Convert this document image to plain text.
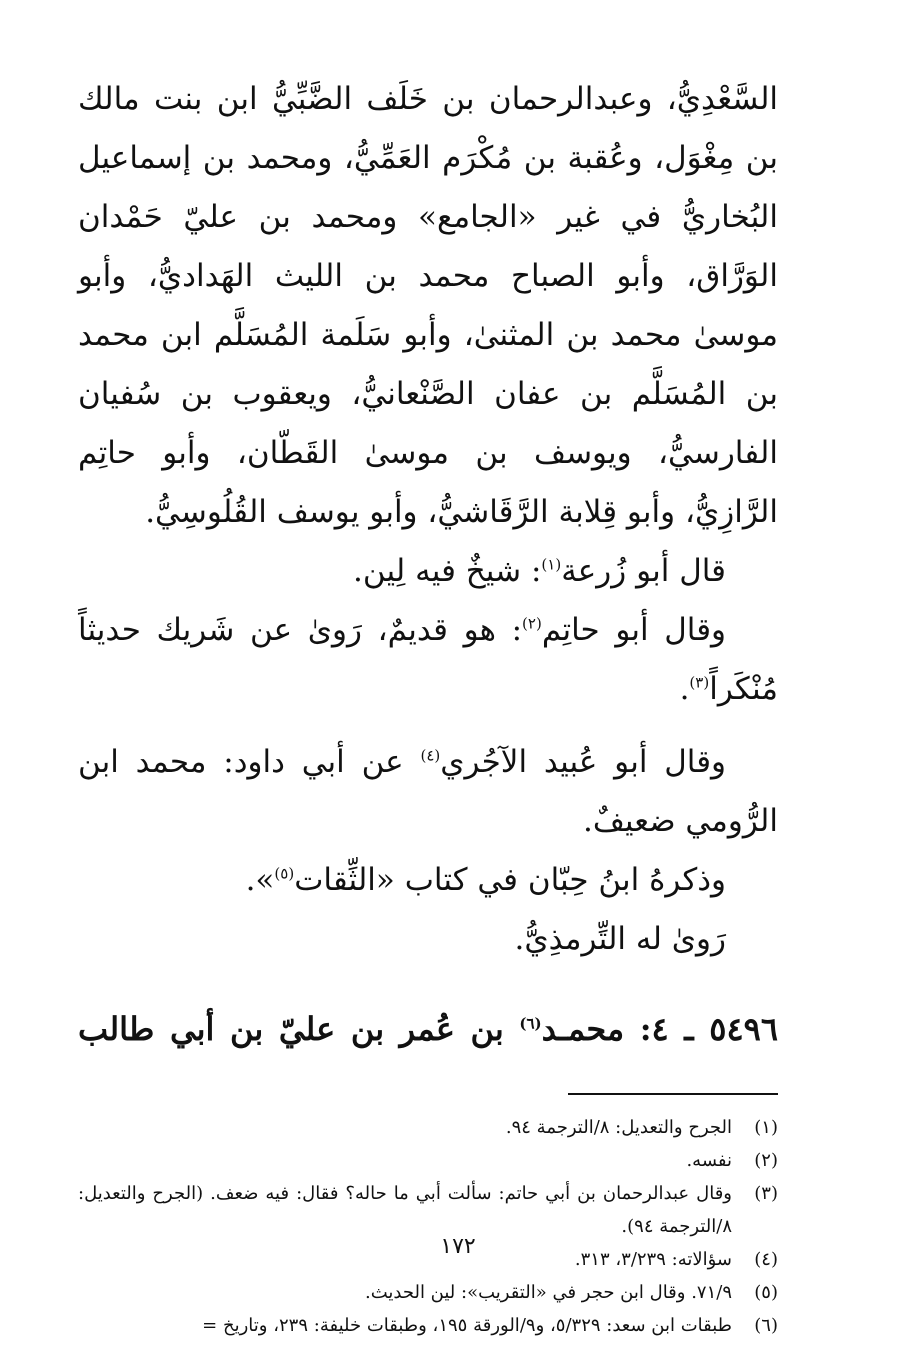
السَّعْدِيُّ، وعبدالرحمان بن خَلَف الضَّبِّيُّ ابن بنت مالك بن مِغْوَل، وعُقبة بن مُكْرَم العَمِّيُّ، ومحمد بن إسماعيل البُخاريُّ في غير «الجامع» ومحمد بن عليّ حَمْدان الوَرَّاق، وأبو الصباح محمد بن الليث الهَداديُّ، وأبو موسىٰ محمد بن المثنىٰ، وأبو سَلَمة المُسَلَّم ابن محمد بن المُسَلَّم بن عفان الصَّنْعانيُّ، ويعقوب بن سُفيان الفارسيُّ، ويوسف بن موسىٰ القَطّان، وأبو حاتِم الرَّازِيُّ، وأبو قِلابة الرَّقَاشيُّ، وأبو يوسف القُلُوسِيُّ.

قال أبو زُرعة$^{(١)}$: شيخٌ فيه لِين.

وقال أبو حاتِم$^{(٢)}$: هو قديمٌ، رَوىٰ عن شَريك حديثاً مُنْكَراً$^{(٣)}$.

وقال أبو عُبيد الآجُري$^{(٤)}$ عن أبي داود: محمد ابن الرُّومي ضعيفٌ.

وذكرهُ ابنُ حِبّان في كتاب «الثِّقات$^{(٥)}$».

رَوىٰ له التِّرمذِيُّ.

٥٤٩٦ ـ ٤: محمـد$^{(٦)}$ بن عُمر بن عليّ بن أبي طالب
(١)
الجرح والتعديل: ٨/الترجمة ٩٤.
(٢)
نفسه.
(٣)
وقال عبدالرحمان بن أبي حاتم: سألت أبي ما حاله؟ فقال: فيه ضعف. (الجرح والتعديل: ٨/الترجمة ٩٤).
(٤)
سؤالاته: ٣/٢٣٩، ٣١٣.
(٥)
٧١/٩. وقال ابن حجر في «التقريب»: لين الحديث.
(٦)
طبقات ابن سعد: ٥/٣٢٩، و٩/الورقة ١٩٥، وطبقات خليفة: ٢٣٩، وتاريخ =
١٧٢
